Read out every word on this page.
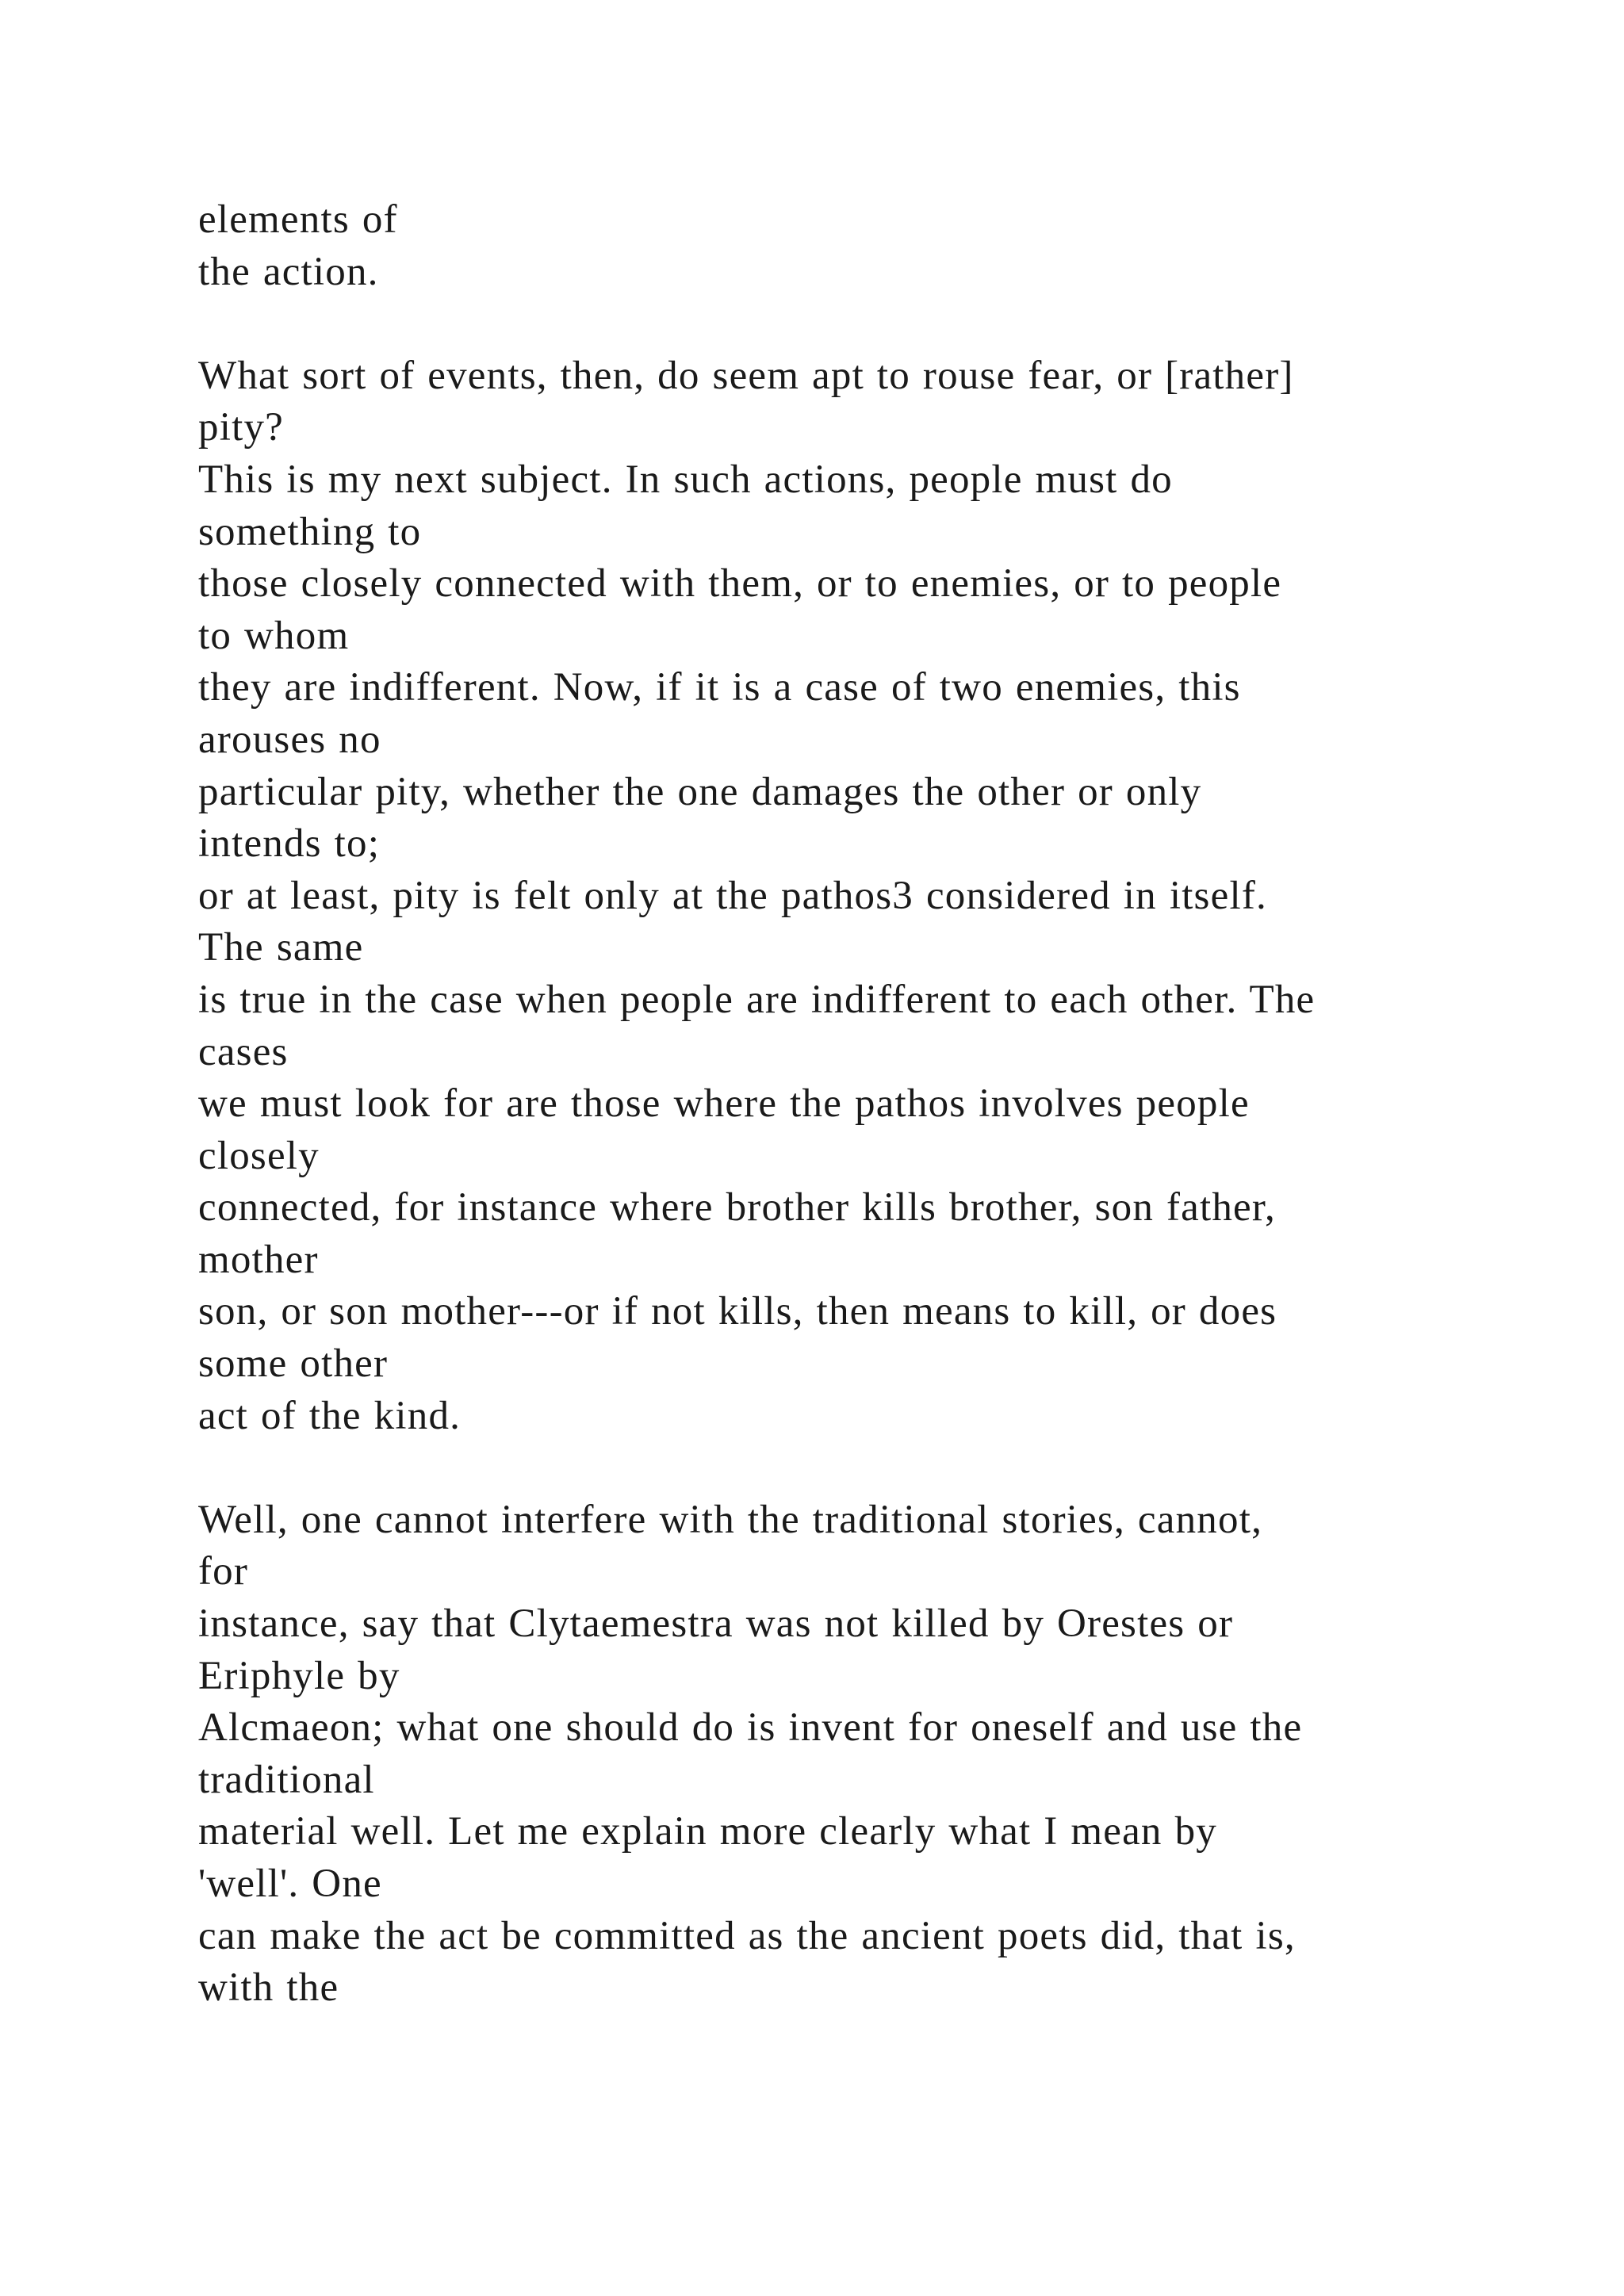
elements of
the action.
What sort of events, then, do seem apt to rouse fear, or [rather]
pity?
This is my next subject. In such actions, people must do
something to
those closely connected with them, or to enemies, or to people
to whom
they are indifferent. Now, if it is a case of two enemies, this
arouses no
particular pity, whether the one damages the other or only
intends to;
or at least, pity is felt only at the pathos3 considered in itself.
The same
is true in the case when people are indifferent to each other. The
cases
we must look for are those where the pathos involves people
closely
connected, for instance where brother kills brother, son father,
mother
son, or son mother---or if not kills, then means to kill, or does
some other
act of the kind.
Well, one cannot interfere with the traditional stories, cannot,
for
instance, say that Clytaemestra was not killed by Orestes or
Eriphyle by
Alcmaeon; what one should do is invent for oneself and use the
traditional
material well. Let me explain more clearly what I mean by
'well'. One
can make the act be committed as the ancient poets did, that is,
with the
